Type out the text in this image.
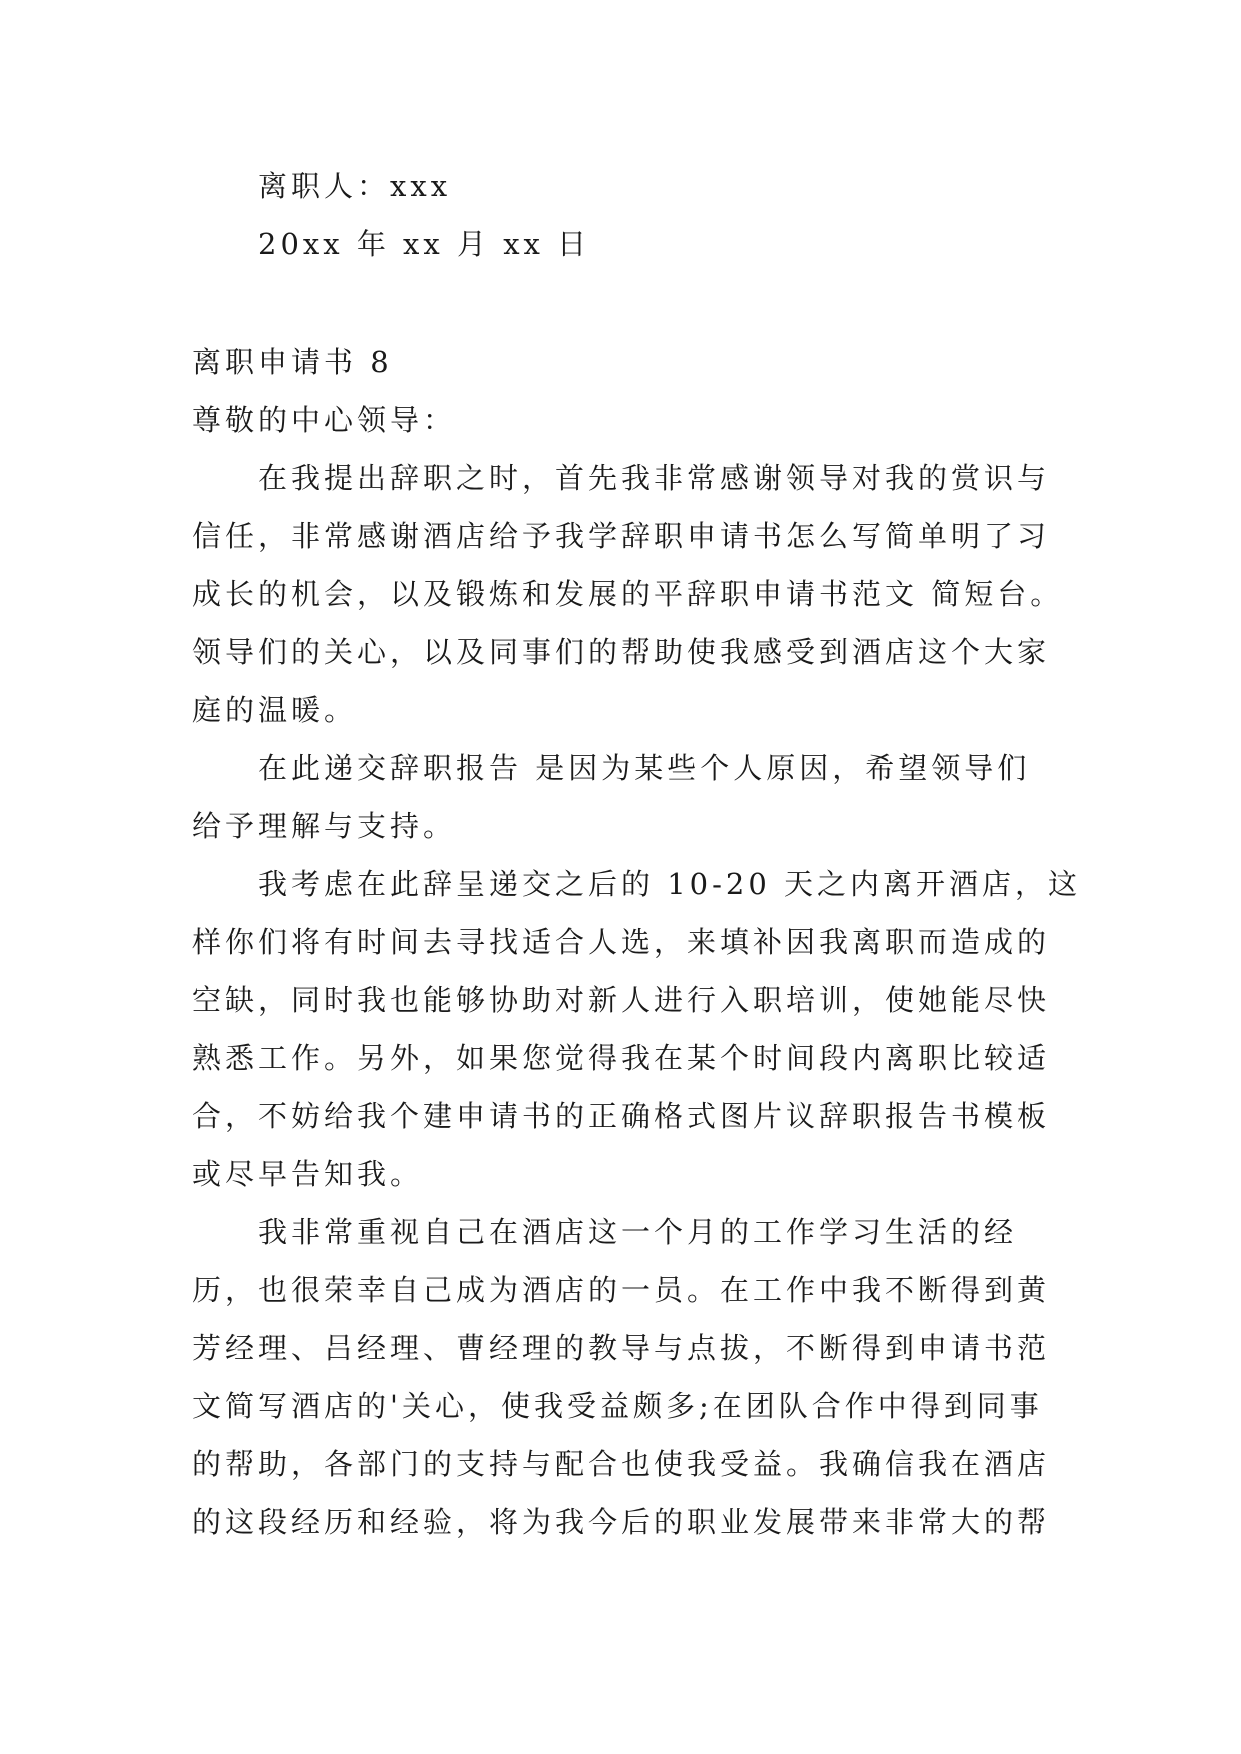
离职人：xxx
20xx 年 xx 月 xx 日
离职申请书 8
尊敬的中心领导：
在我提出辞职之时，首先我非常感谢领导对我的赏识与
信任，非常感谢酒店给予我学辞职申请书怎么写简单明了习
成长的机会，以及锻炼和发展的平辞职申请书范文 简短台。
领导们的关心，以及同事们的帮助使我感受到酒店这个大家
庭的温暖。
在此递交辞职报告 是因为某些个人原因，希望领导们
给予理解与支持。
我考虑在此辞呈递交之后的 10-20 天之内离开酒店，这
样你们将有时间去寻找适合人选，来填补因我离职而造成的
空缺，同时我也能够协助对新人进行入职培训，使她能尽快
熟悉工作。另外，如果您觉得我在某个时间段内离职比较适
合，不妨给我个建申请书的正确格式图片议辞职报告书模板
或尽早告知我。
我非常重视自己在酒店这一个月的工作学习生活的经
历，也很荣幸自己成为酒店的一员。在工作中我不断得到黄
芳经理、吕经理、曹经理的教导与点拔，不断得到申请书范
文简写酒店的'关心，使我受益颇多;在团队合作中得到同事
的帮助，各部门的支持与配合也使我受益。我确信我在酒店
的这段经历和经验，将为我今后的职业发展带来非常大的帮
